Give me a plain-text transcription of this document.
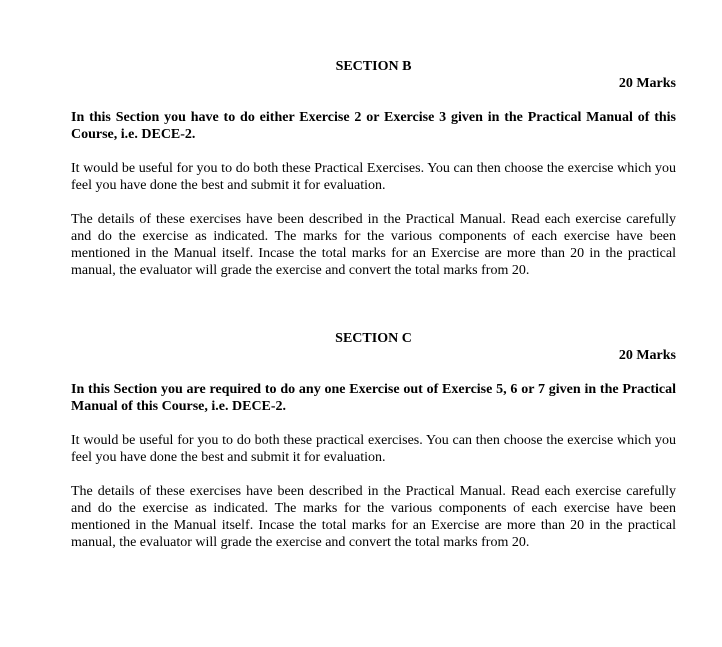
SECTION B

20 Marks

In this Section you have to do either Exercise 2 or Exercise 3 given in the Practical Manual of this Course, i.e. DECE-2.

It would be useful for you to do both these Practical Exercises. You can then choose the exercise which you feel you have done the best and submit it for evaluation.

The details of these exercises have been described in the Practical Manual. Read each exercise carefully and do the exercise as indicated. The marks for the various components of each exercise have been mentioned in the Manual itself. Incase the total marks for an Exercise are more than 20 in the practical manual, the evaluator will grade the exercise and convert the total marks from 20.

SECTION C

20 Marks

In this Section you are required to do any one Exercise out of Exercise 5, 6 or 7 given in the Practical Manual of this Course, i.e. DECE-2.

It would be useful for you to do both these practical exercises. You can then choose the exercise which you feel you have done the best and submit it for evaluation.

The details of these exercises have been described in the Practical Manual. Read each exercise carefully and do the exercise as indicated. The marks for the various components of each exercise have been mentioned in the Manual itself. Incase the total marks for an Exercise are more than 20 in the practical manual, the evaluator will grade the exercise and convert the total marks from 20.
